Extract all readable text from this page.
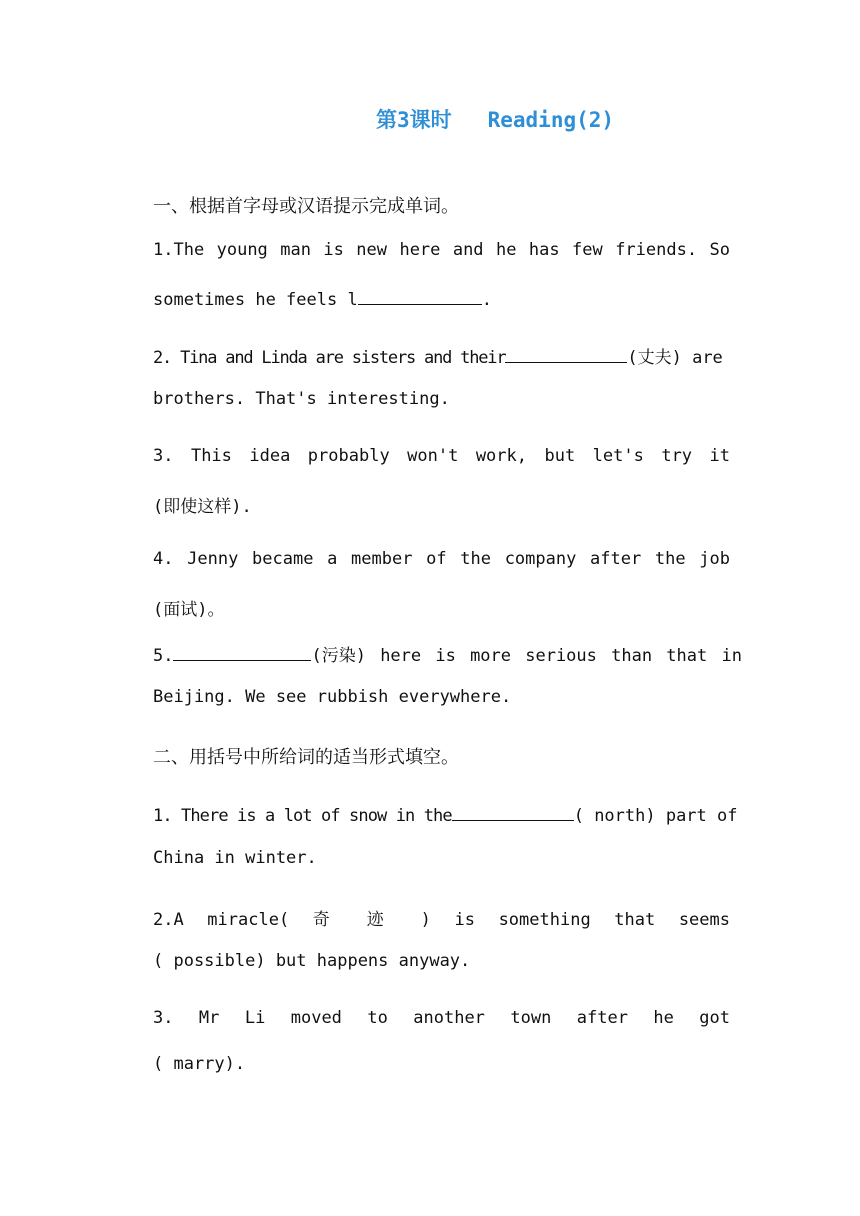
第3课时 Reading(2)
一、根据首字母或汉语提示完成单词。
1.The young man is new here and he has few friends. So
sometimes he feels l	.
2. Tina and Linda are sisters and their	(丈夫) are
brothers. That's interesting.
3. This idea probably won't work, but let's try it
(即使这样).
4. Jenny became a member of the company after the job
(面试)。
5.	(污染) here is more serious than that in
Beijing. We see rubbish everywhere.
二、用括号中所给词的适当形式填空。
1. There is a lot of snow in the	( north) part of
China in winter.
2.A miracle( 奇 迹 ) is something that seems
( possible) but happens anyway.
3. Mr Li moved to another town after he got
( marry).
